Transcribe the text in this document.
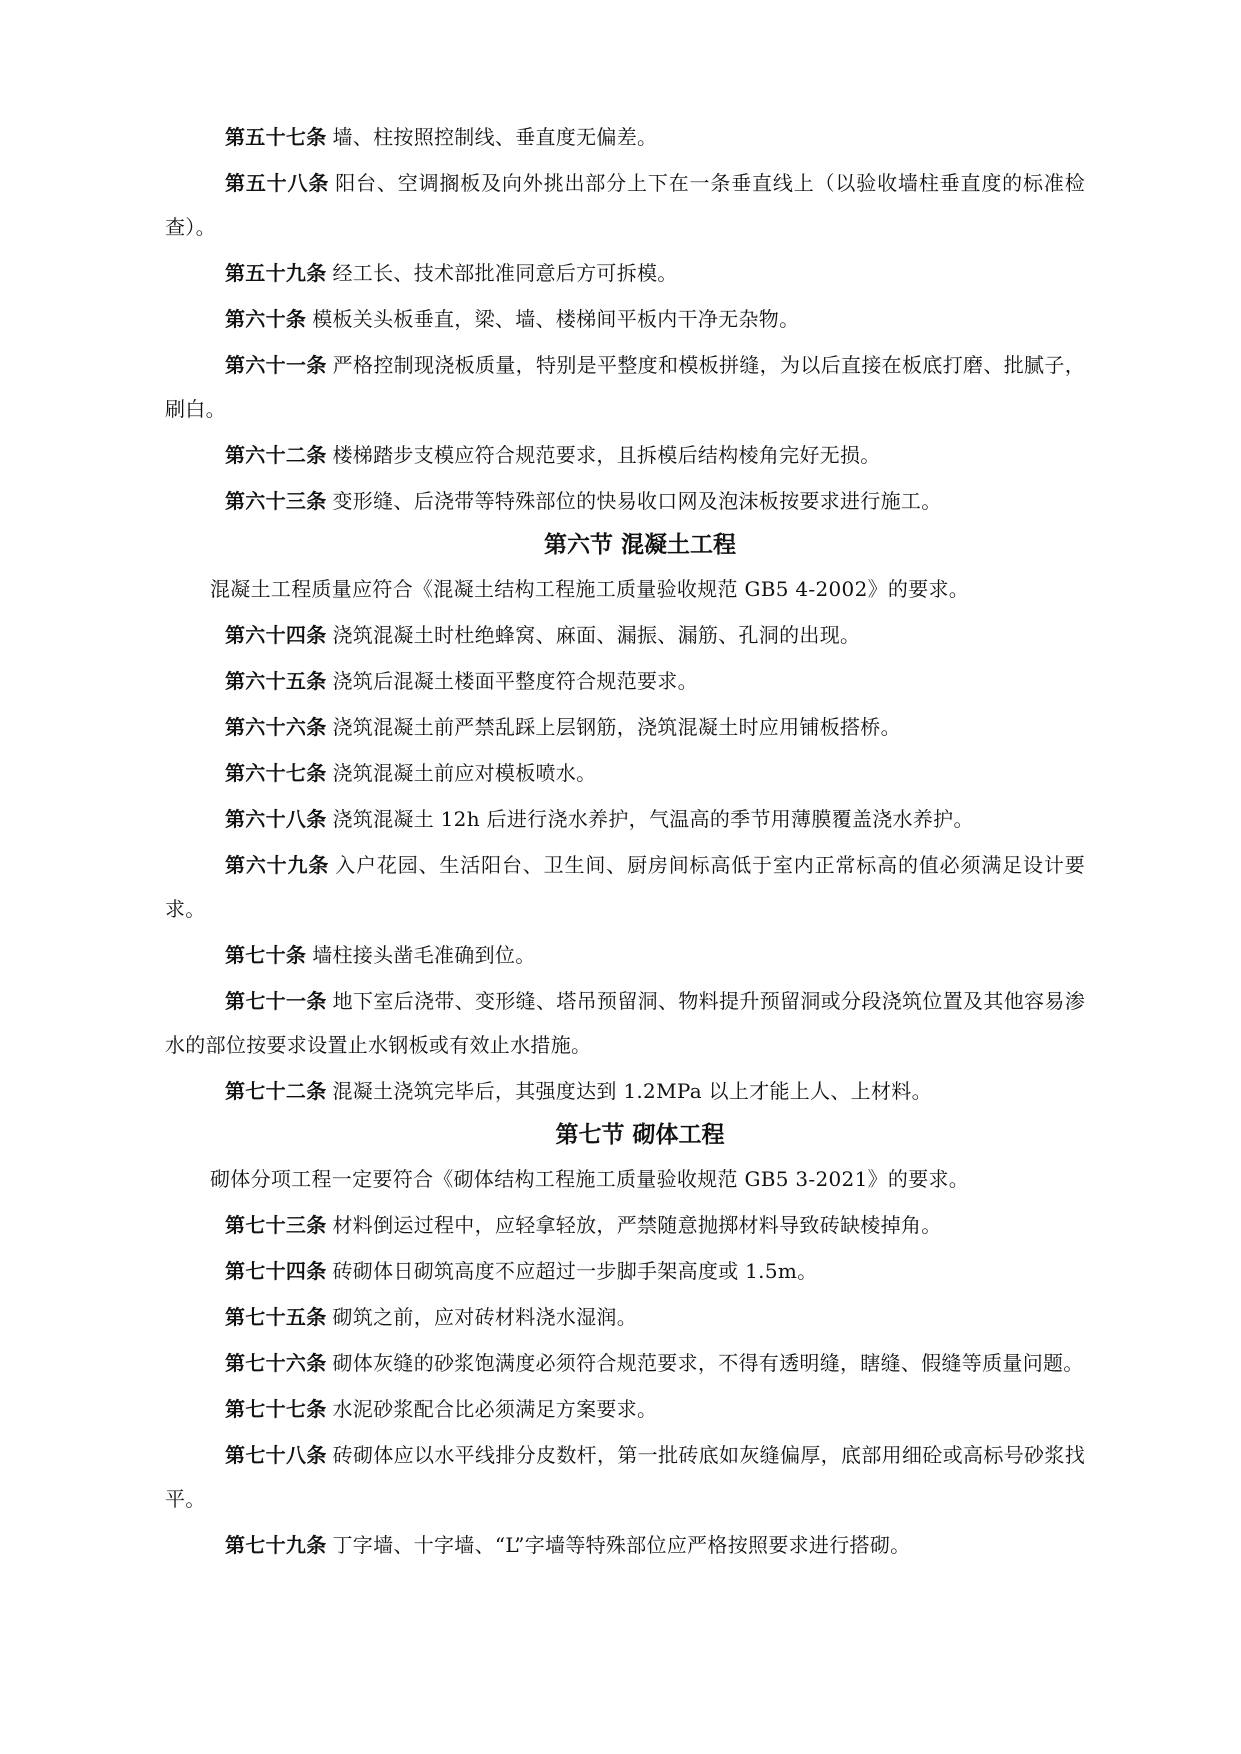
第五十七条 墙、柱按照控制线、垂直度无偏差。

第五十八条 阳台、空调搁板及向外挑出部分上下在一条垂直线上（以验收墙柱垂直度的标准检查）。

第五十九条 经工长、技术部批准同意后方可拆模。

第六十条 模板关头板垂直，梁、墙、楼梯间平板内干净无杂物。

第六十一条 严格控制现浇板质量，特别是平整度和模板拼缝，为以后直接在板底打磨、批腻子，刷白。

第六十二条 楼梯踏步支模应符合规范要求，且拆模后结构棱角完好无损。

第六十三条 变形缝、后浇带等特殊部位的快易收口网及泡沫板按要求进行施工。

第六节 混凝土工程

混凝土工程质量应符合《混凝土结构工程施工质量验收规范 GB5 4-2002》的要求。

第六十四条 浇筑混凝土时杜绝蜂窝、麻面、漏振、漏筋、孔洞的出现。

第六十五条 浇筑后混凝土楼面平整度符合规范要求。

第六十六条 浇筑混凝土前严禁乱踩上层钢筋，浇筑混凝土时应用铺板搭桥。

第六十七条 浇筑混凝土前应对模板喷水。

第六十八条 浇筑混凝土 12h 后进行浇水养护，气温高的季节用薄膜覆盖浇水养护。

第六十九条 入户花园、生活阳台、卫生间、厨房间标高低于室内正常标高的值必须满足设计要求。

第七十条 墙柱接头凿毛准确到位。

第七十一条 地下室后浇带、变形缝、塔吊预留洞、物料提升预留洞或分段浇筑位置及其他容易渗水的部位按要求设置止水钢板或有效止水措施。

第七十二条 混凝土浇筑完毕后，其强度达到 1.2MPa 以上才能上人、上材料。

第七节 砌体工程

砌体分项工程一定要符合《砌体结构工程施工质量验收规范 GB5 3-2021》的要求。

第七十三条 材料倒运过程中，应轻拿轻放，严禁随意抛掷材料导致砖缺棱掉角。

第七十四条 砖砌体日砌筑高度不应超过一步脚手架高度或 1.5m。

第七十五条 砌筑之前，应对砖材料浇水湿润。

第七十六条 砌体灰缝的砂浆饱满度必须符合规范要求，不得有透明缝，瞎缝、假缝等质量问题。

第七十七条 水泥砂浆配合比必须满足方案要求。

第七十八条 砖砌体应以水平线排分皮数杆，第一批砖底如灰缝偏厚，底部用细砼或高标号砂浆找平。

第七十九条 丁字墙、十字墙、“L”字墙等特殊部位应严格按照要求进行搭砌。
